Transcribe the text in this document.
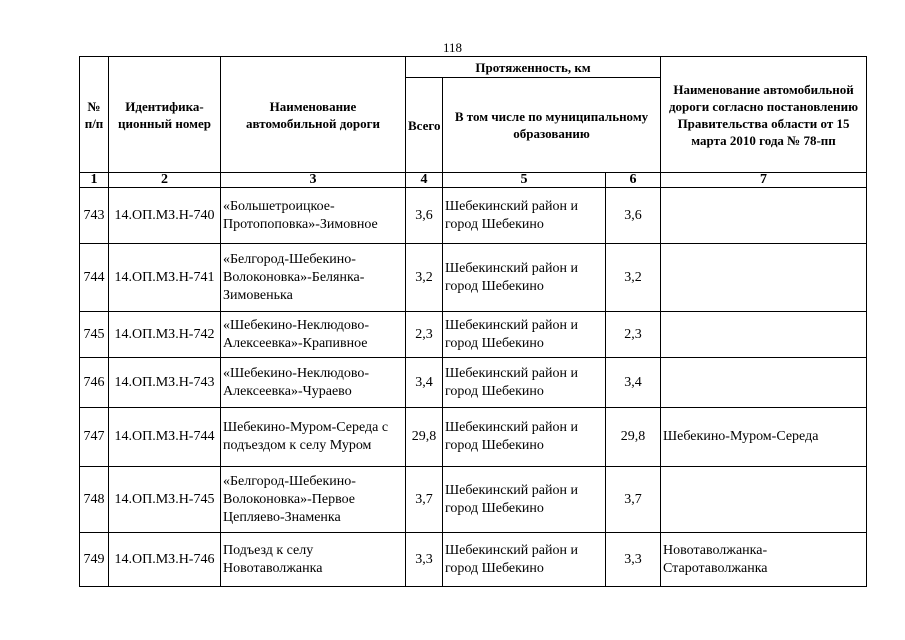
118
№ п/п	Идентифика- ционный номер	Наименование автомобильной дороги	Протяженность, км			Наименование автомобильной дороги согласно постановлению Правительства области от 15 марта 2010 года № 78-пп
			Всего	В том числе по муниципальному образованию		
1	2	3	4	5	6	7
743	14.ОП.МЗ.Н-740	«Большетроицкое-Протопоповка»-Зимовное	3,6	Шебекинский район и город Шебекино	3,6	
744	14.ОП.МЗ.Н-741	«Белгород-Шебекино-Волоконовка»-Белянка-Зимовенька	3,2	Шебекинский район и город Шебекино	3,2	
745	14.ОП.МЗ.Н-742	«Шебекино-Неклюдово-Алексеевка»-Крапивное	2,3	Шебекинский район и город Шебекино	2,3	
746	14.ОП.МЗ.Н-743	«Шебекино-Неклюдово-Алексеевка»-Чураево	3,4	Шебекинский район и город Шебекино	3,4	
747	14.ОП.МЗ.Н-744	Шебекино-Муром-Середа с подъездом к селу Муром	29,8	Шебекинский район и город Шебекино	29,8	Шебекино-Муром-Середа
748	14.ОП.МЗ.Н-745	«Белгород-Шебекино-Волоконовка»-Первое Цепляево-Знаменка	3,7	Шебекинский район и город Шебекино	3,7	
749	14.ОП.МЗ.Н-746	Подъезд к селу Новотаволжанка	3,3	Шебекинский район и город Шебекино	3,3	Новотаволжанка-Старотаволжанка
